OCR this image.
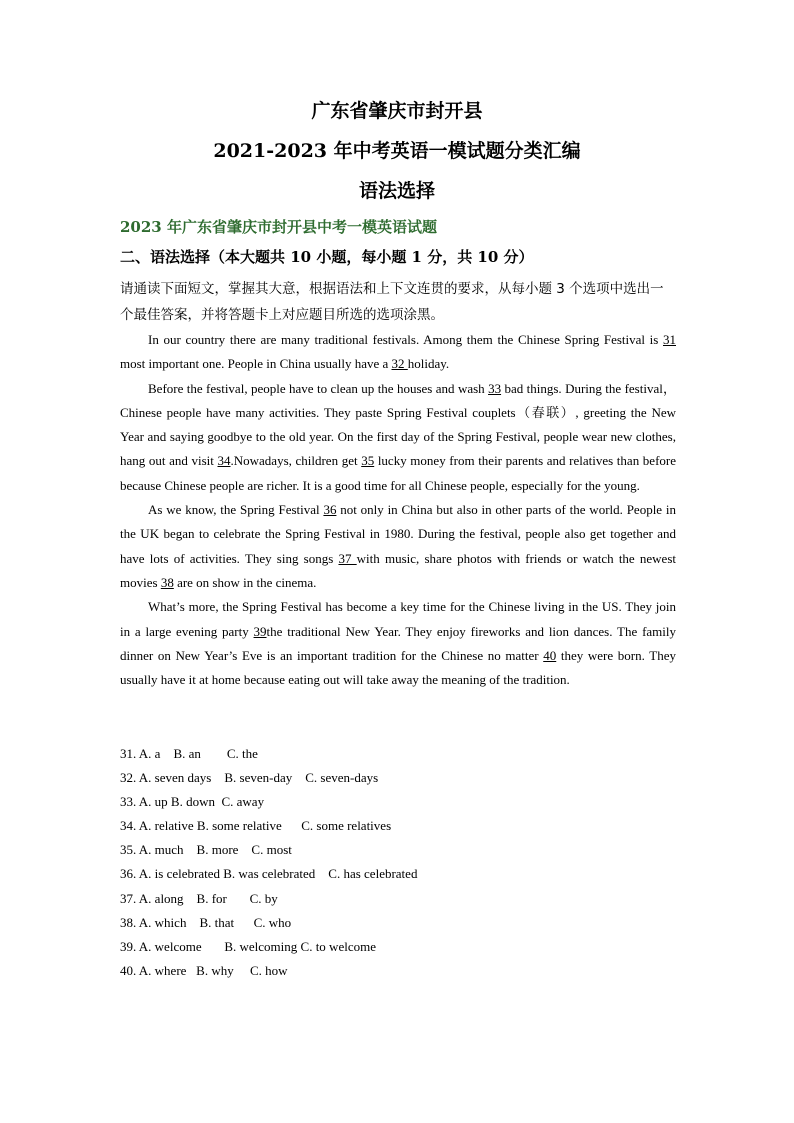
广东省肇庆市封开县
2021-2023 年中考英语一模试题分类汇编
语法选择
2023 年广东省肇庆市封开县中考一模英语试题
二、语法选择（本大题共 10 小题，每小题 1 分，共 10 分）
请通读下面短文，掌握其大意，根据语法和上下文连贯的要求，从每小题 3 个选项中选出一个最佳答案，并将答题卡上对应题目所选的选项涂黑。

In our country there are many traditional festivals. Among them the Chinese Spring Festival is 31 most important one. People in China usually have a 32 holiday.

Before the festival, people have to clean up the houses and wash 33 bad things. During the festival， Chinese people have many activities. They paste Spring Festival couplets（春联）, greeting the New Year and saying goodbye to the old year. On the first day of the Spring Festival, people wear new clothes, hang out and visit 34.Nowadays, children get 35 lucky money from their parents and relatives than before because Chinese people are richer. It is a good time for all Chinese people, especially for the young.

As we know, the Spring Festival 36 not only in China but also in other parts of the world. People in the UK began to celebrate the Spring Festival in 1980. During the festival, people also get together and have lots of activities. They sing songs 37 with music, share photos with friends or watch the newest movies 38 are on show in the cinema.

What’s more, the Spring Festival has become a key time for the Chinese living in the US. They join in a large evening party 39the traditional New Year. They enjoy fireworks and lion dances. The family dinner on New Year’s Eve is an important tradition for the Chinese no matter 40 they were born. They usually have it at home because eating out will take away the meaning of the tradition.

31. A. a    B. an        C. the
32. A. seven days    B. seven-day    C. seven-days
33. A. up B. down  C. away
34. A. relative B. some relative      C. some relatives
35. A. much    B. more    C. most
36. A. is celebrated B. was celebrated    C. has celebrated
37. A. along    B. for       C. by
38. A. which    B. that      C. who
39. A. welcome       B. welcoming C. to welcome
40. A. where   B. why     C. how
